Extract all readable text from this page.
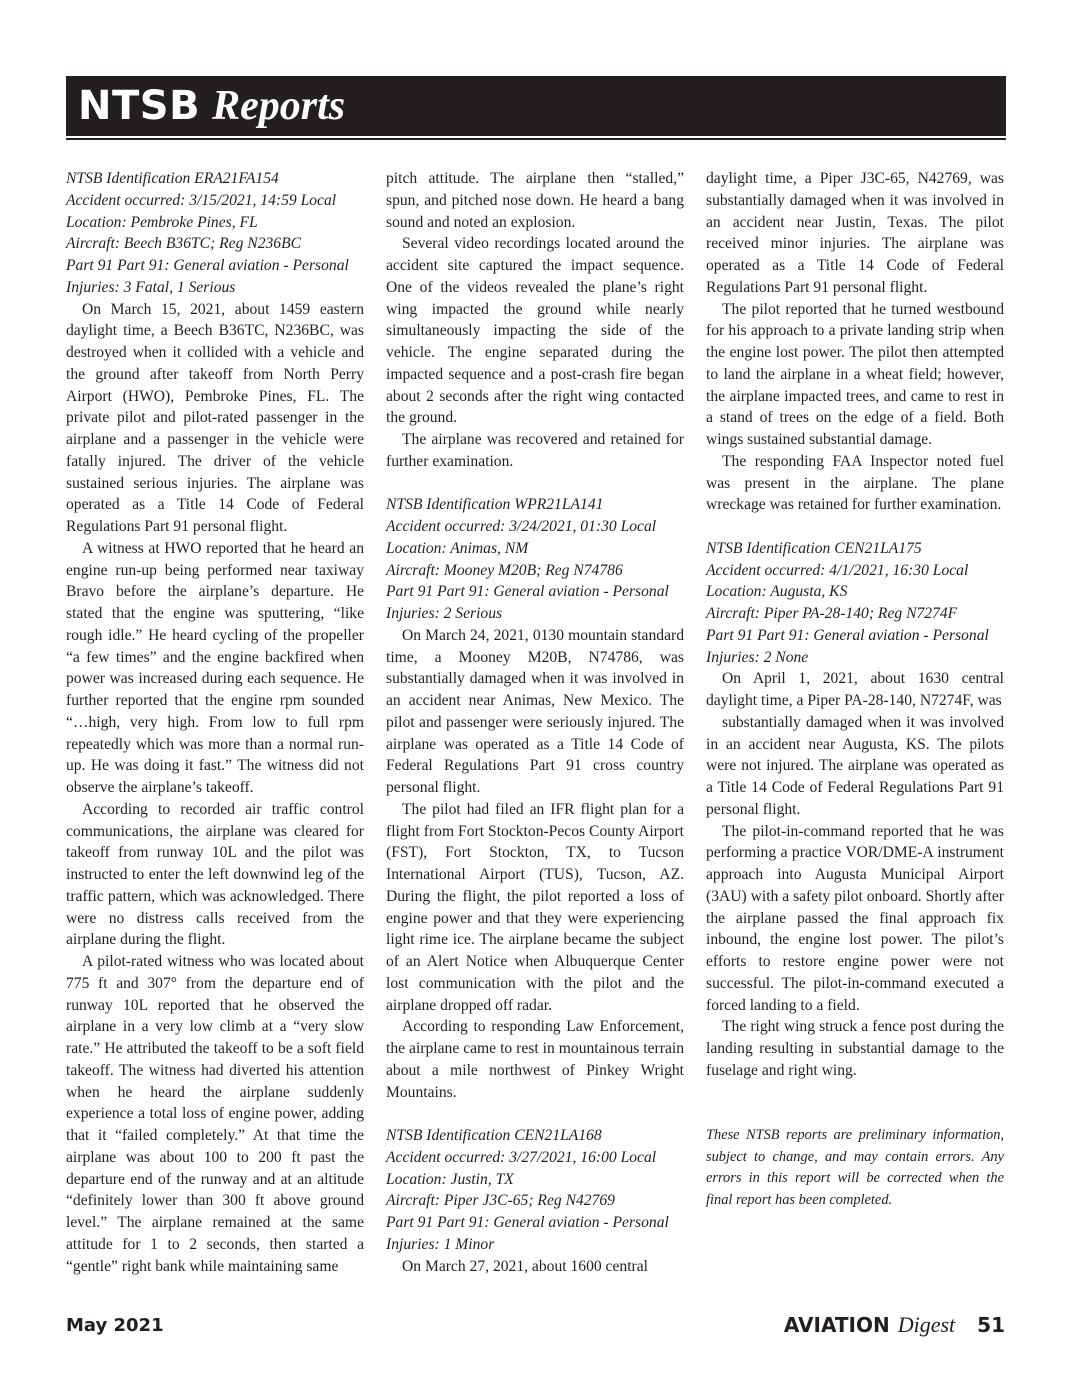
NTSB Reports
NTSB Identification ERA21FA154
Accident occurred: 3/15/2021, 14:59 Local
Location: Pembroke Pines, FL
Aircraft: Beech B36TC; Reg N236BC
Part 91 Part 91: General aviation - Personal
Injuries: 3 Fatal, 1 Serious

On March 15, 2021, about 1459 eastern daylight time, a Beech B36TC, N236BC, was destroyed when it collided with a vehicle and the ground after takeoff from North Perry Airport (HWO), Pembroke Pines, FL. The private pilot and pilot-rated passenger in the airplane and a passenger in the vehicle were fatally injured. The driver of the vehicle sustained serious injuries. The airplane was operated as a Title 14 Code of Federal Regulations Part 91 personal flight.

A witness at HWO reported that he heard an engine run-up being performed near taxiway Bravo before the airplane’s departure. He stated that the engine was sputtering, “like rough idle.” He heard cycling of the propeller “a few times” and the engine backfired when power was increased during each sequence. He further reported that the engine rpm sounded “…high, very high. From low to full rpm repeatedly which was more than a normal run-up. He was doing it fast.” The witness did not observe the airplane’s takeoff.

According to recorded air traffic control communications, the airplane was cleared for takeoff from runway 10L and the pilot was instructed to enter the left downwind leg of the traffic pattern, which was acknowledged. There were no distress calls received from the airplane during the flight.

A pilot-rated witness who was located about 775 ft and 307° from the departure end of runway 10L reported that he observed the airplane in a very low climb at a “very slow rate.” He attributed the takeoff to be a soft field takeoff. The witness had diverted his attention when he heard the airplane suddenly experience a total loss of engine power, adding that it “failed completely.” At that time the airplane was about 100 to 200 ft past the departure end of the runway and at an altitude “definitely lower than 300 ft above ground level.” The airplane remained at the same attitude for 1 to 2 seconds, then started a “gentle” right bank while maintaining same

pitch attitude. The airplane then “stalled,” spun, and pitched nose down. He heard a bang sound and noted an explosion.

Several video recordings located around the accident site captured the impact sequence. One of the videos revealed the plane’s right wing impacted the ground while nearly simultaneously impacting the side of the vehicle. The engine separated during the impacted sequence and a post-crash fire began about 2 seconds after the right wing contacted the ground.

The airplane was recovered and retained for further examination.

NTSB Identification WPR21LA141
Accident occurred: 3/24/2021, 01:30 Local
Location: Animas, NM
Aircraft: Mooney M20B; Reg N74786
Part 91 Part 91: General aviation - Personal
Injuries: 2 Serious

On March 24, 2021, 0130 mountain standard time, a Mooney M20B, N74786, was substantially damaged when it was involved in an accident near Animas, New Mexico. The pilot and passenger were seriously injured. The airplane was operated as a Title 14 Code of Federal Regulations Part 91 cross country personal flight.

The pilot had filed an IFR flight plan for a flight from Fort Stockton-Pecos County Airport (FST), Fort Stockton, TX, to Tucson International Airport (TUS), Tucson, AZ. During the flight, the pilot reported a loss of engine power and that they were experiencing light rime ice. The airplane became the subject of an Alert Notice when Albuquerque Center lost communication with the pilot and the airplane dropped off radar.

According to responding Law Enforcement, the airplane came to rest in mountainous terrain about a mile northwest of Pinkey Wright Mountains.

NTSB Identification CEN21LA168
Accident occurred: 3/27/2021, 16:00 Local
Location: Justin, TX
Aircraft: Piper J3C-65; Reg N42769
Part 91 Part 91: General aviation - Personal
Injuries: 1 Minor

On March 27, 2021, about 1600 central

daylight time, a Piper J3C-65, N42769, was substantially damaged when it was involved in an accident near Justin, Texas. The pilot received minor injuries. The airplane was operated as a Title 14 Code of Federal Regulations Part 91 personal flight.

The pilot reported that he turned westbound for his approach to a private landing strip when the engine lost power. The pilot then attempted to land the airplane in a wheat field; however, the airplane impacted trees, and came to rest in a stand of trees on the edge of a field. Both wings sustained substantial damage.

The responding FAA Inspector noted fuel was present in the airplane. The plane wreckage was retained for further examination.

NTSB Identification CEN21LA175
Accident occurred: 4/1/2021, 16:30 Local
Location: Augusta, KS
Aircraft: Piper PA-28-140; Reg N7274F
Part 91 Part 91: General aviation - Personal
Injuries: 2 None

On April 1, 2021, about 1630 central daylight time, a Piper PA-28-140, N7274F, was

substantially damaged when it was involved in an accident near Augusta, KS. The pilots were not injured. The airplane was operated as a Title 14 Code of Federal Regulations Part 91 personal flight.

The pilot-in-command reported that he was performing a practice VOR/DME-A instrument approach into Augusta Municipal Airport (3AU) with a safety pilot onboard. Shortly after the airplane passed the final approach fix inbound, the engine lost power. The pilot’s efforts to restore engine power were not successful. The pilot-in-command executed a forced landing to a field.

The right wing struck a fence post during the landing resulting in substantial damage to the fuselage and right wing.

These NTSB reports are preliminary information, subject to change, and may contain errors. Any errors in this report will be corrected when the final report has been completed.
May 2021	AVIATION Digest 51
